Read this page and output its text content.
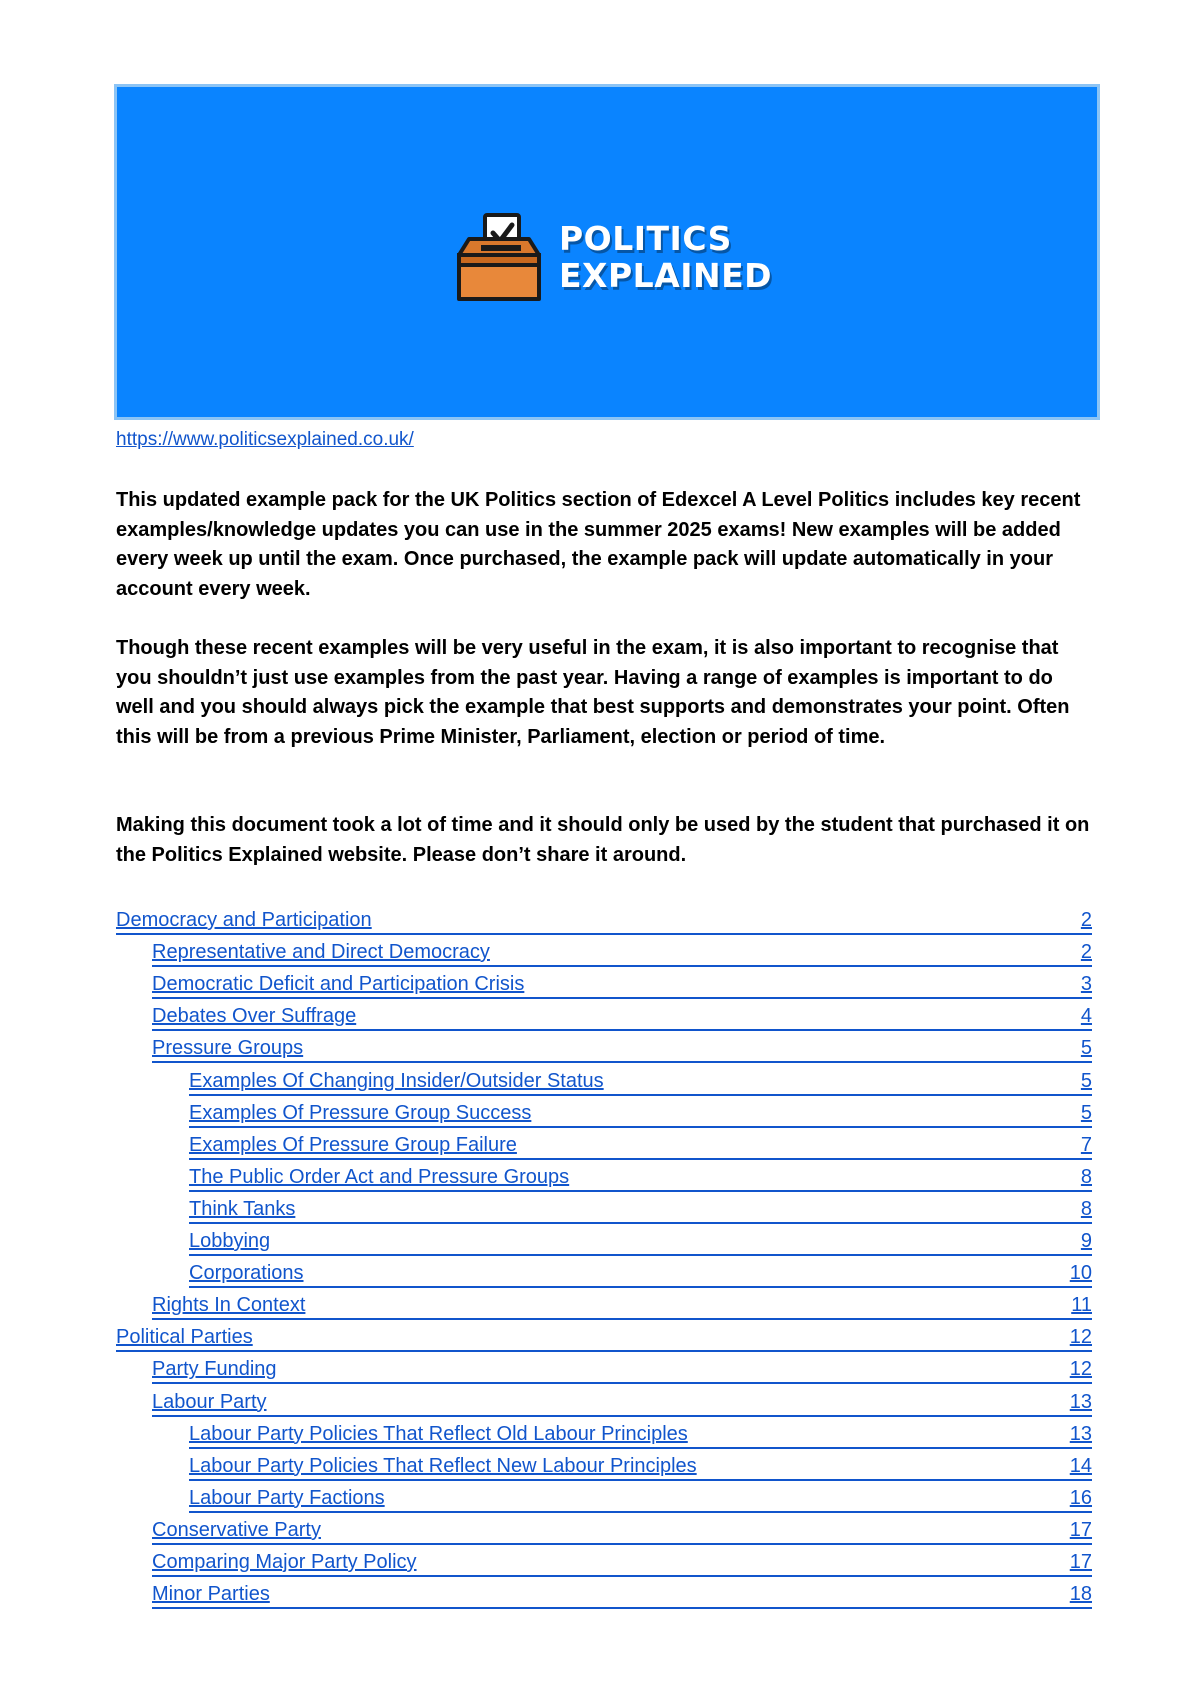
POLITICS
EXPLAINED
https://www.politicsexplained.co.uk/

This updated example pack for the UK Politics section of Edexcel A Level Politics includes key recent examples/knowledge updates you can use in the summer 2025 exams! New examples will be added every week up until the exam. Once purchased, the example pack will update automatically in your account every week.

Though these recent examples will be very useful in the exam, it is also important to recognise that you shouldn’t just use examples from the past year. Having a range of examples is important to do well and you should always pick the example that best supports and demonstrates your point. Often this will be from a previous Prime Minister, Parliament, election or period of time.

Making this document took a lot of time and it should only be used by the student that purchased it on the Politics Explained website. Please don’t share it around.

Democracy and Participation	2
Representative and Direct Democracy	2
Democratic Deficit and Participation Crisis	3
Debates Over Suffrage	4
Pressure Groups	5
Examples Of Changing Insider/Outsider Status	5
Examples Of Pressure Group Success	5
Examples Of Pressure Group Failure	7
The Public Order Act and Pressure Groups	8
Think Tanks	8
Lobbying	9
Corporations	10
Rights In Context	11
Political Parties	12
Party Funding	12
Labour Party	13
Labour Party Policies That Reflect Old Labour Principles	13
Labour Party Policies That Reflect New Labour Principles	14
Labour Party Factions	16
Conservative Party	17
Comparing Major Party Policy	17
Minor Parties	18
